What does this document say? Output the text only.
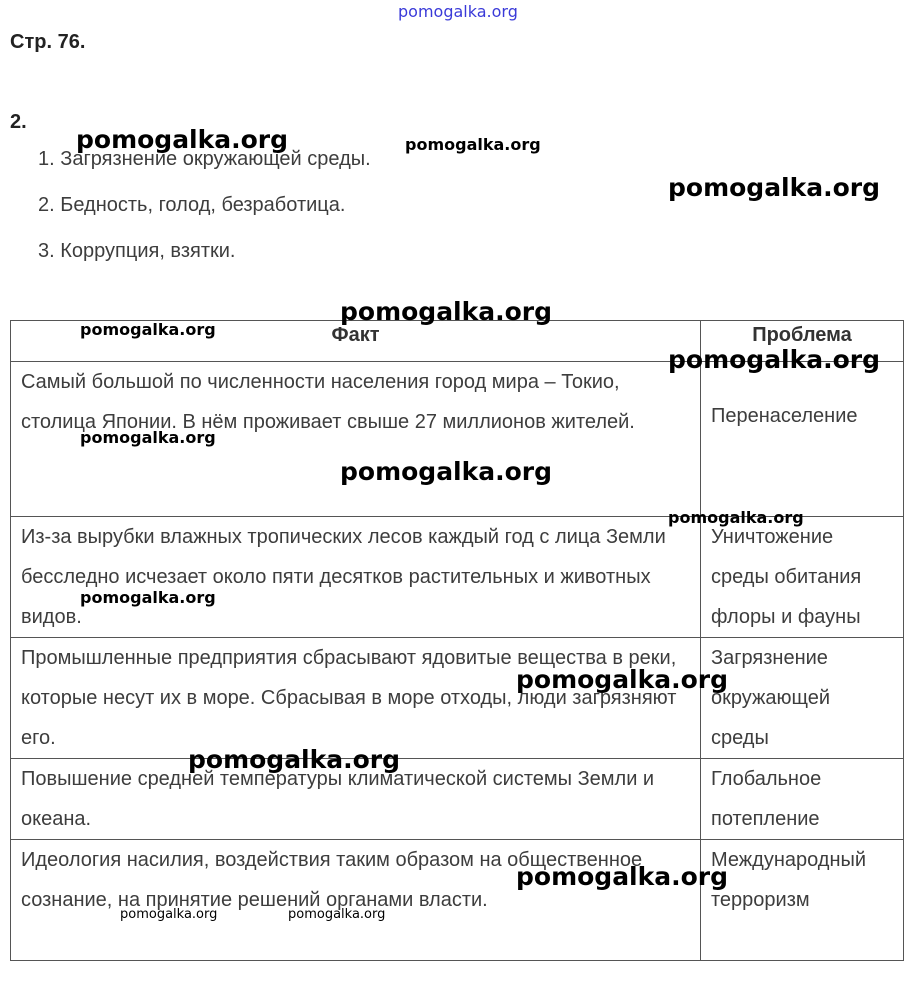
Стр. 76.
2.
1. Загрязнение окружающей среды.
2. Бедность, голод, безработица.
3. Коррупция, взятки.
Факт	Проблема
Самый большой по численности населения город мира – Токио, столица Японии. В нём проживает свыше 27 миллионов жителей.	Перенаселение
Из-за вырубки влажных тропических лесов каждый год с лица Земли бесследно исчезает около пяти десятков растительных и животных видов.	Уничтожение среды обитания флоры и фауны
Промышленные предприятия сбрасывают ядовитые вещества в реки, которые несут их в море. Сбрасывая в море отходы, люди загрязняют его.	Загрязнение окружающей среды
Повышение средней температуры климатической системы Земли и океана.	Глобальное потепление
Идеология насилия, воздействия таким образом на общественное сознание, на принятие решений органами власти.	Международный терроризм
pomogalka.org
pomogalka.org	pomogalka.org
pomogalka.org
pomogalka.org
pomogalka.org
pomogalka.org
pomogalka.org
pomogalka.org
pomogalka.org
pomogalka.org
pomogalka.org
pomogalka.org
pomogalka.org
pomogalka.org	pomogalka.org
